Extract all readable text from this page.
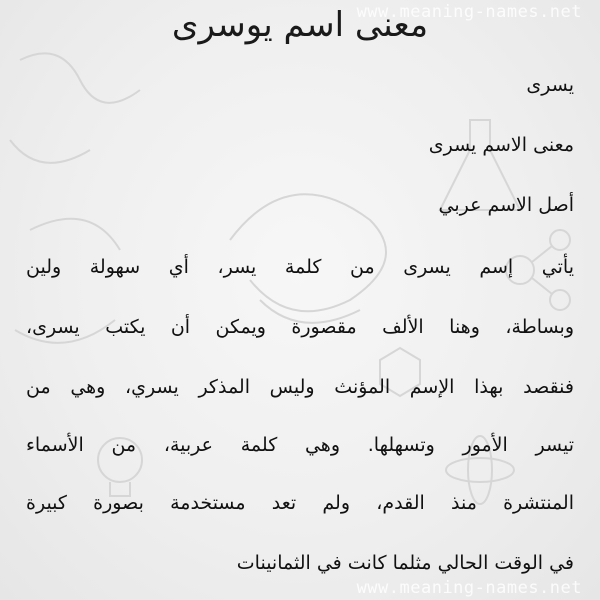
www.meaning-names.net
معنى اسم يوسرى
يسرى
معنى الاسم يسرى
أصل الاسم عربي
يأتي إسم يسرى من كلمة يسر، أي سهولة ولين
وبساطة، وهنا الألف مقصورة ويمكن أن يكتب يسرى،
فنقصد بهذا الإسم المؤنث وليس المذكر يسري، وهي من
تيسر الأمور وتسهلها. وهي كلمة عربية، من الأسماء
المنتشرة منذ القدم، ولم تعد مستخدمة بصورة كبيرة
في الوقت الحالي مثلما كانت في الثمانينات
www.meaning-names.net
